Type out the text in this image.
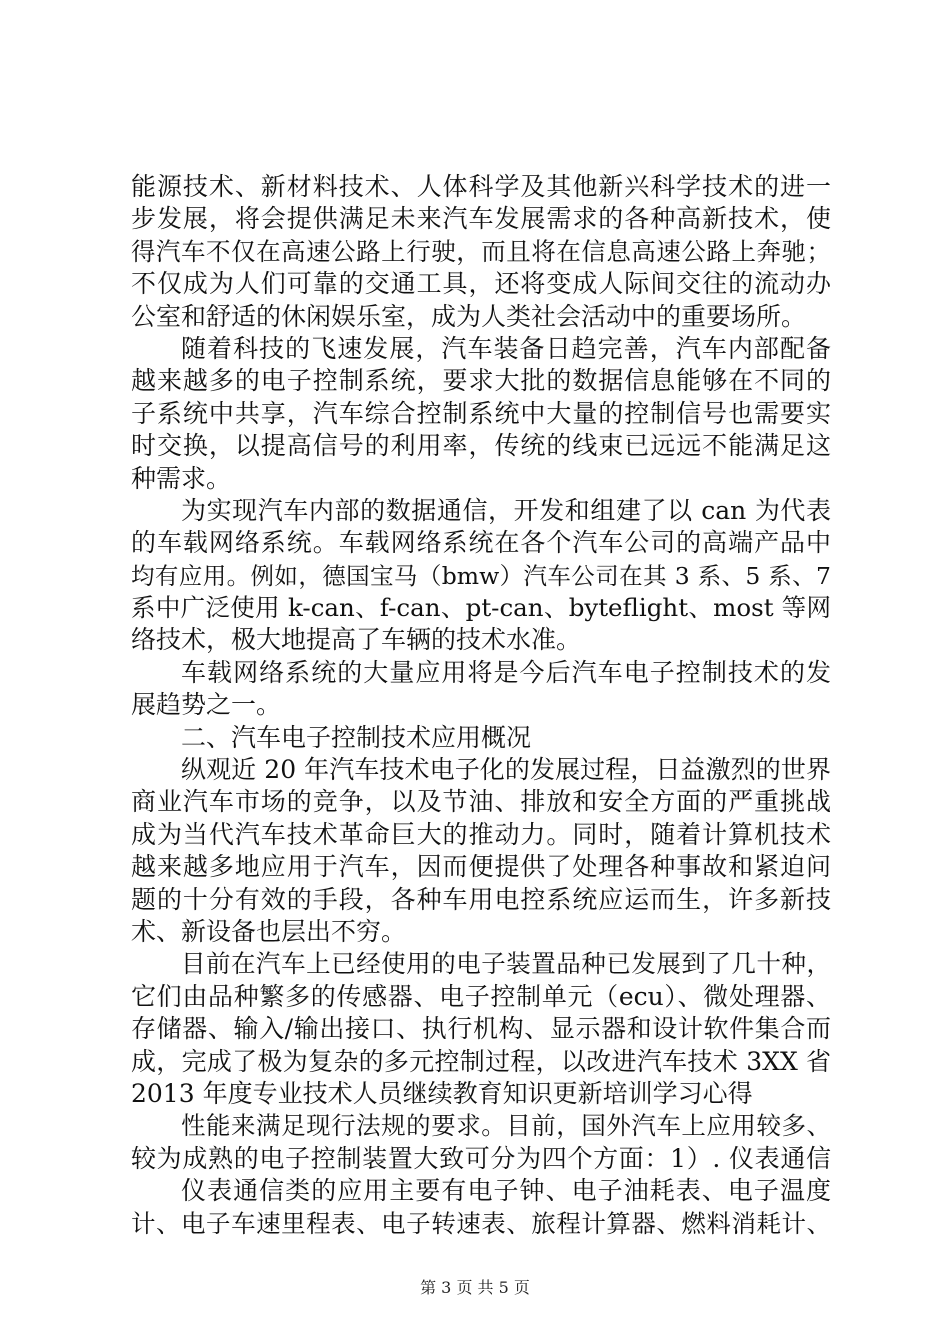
能源技术、新材料技术、人体科学及其他新兴科学技术的进一
步发展，将会提供满足未来汽车发展需求的各种高新技术，使
得汽车不仅在高速公路上行驶，而且将在信息高速公路上奔驰；
不仅成为人们可靠的交通工具，还将变成人际间交往的流动办
公室和舒适的休闲娱乐室，成为人类社会活动中的重要场所。
随着科技的飞速发展，汽车装备日趋完善，汽车内部配备
越来越多的电子控制系统，要求大批的数据信息能够在不同的
子系统中共享，汽车综合控制系统中大量的控制信号也需要实
时交换，以提高信号的利用率，传统的线束已远远不能满足这
种需求。
为实现汽车内部的数据通信，开发和组建了以 can 为代表
的车载网络系统。车载网络系统在各个汽车公司的高端产品中
均有应用。例如，德国宝马（bmw）汽车公司在其 3 系、5 系、7
系中广泛使用 k-can、f-can、pt-can、byteflight、most 等网
络技术，极大地提高了车辆的技术水准。
车载网络系统的大量应用将是今后汽车电子控制技术的发
展趋势之一。
二、汽车电子控制技术应用概况
纵观近 20 年汽车技术电子化的发展过程，日益激烈的世界
商业汽车市场的竞争，以及节油、排放和安全方面的严重挑战
成为当代汽车技术革命巨大的推动力。同时，随着计算机技术
越来越多地应用于汽车，因而便提供了处理各种事故和紧迫问
题的十分有效的手段，各种车用电控系统应运而生，许多新技
术、新设备也层出不穷。
目前在汽车上已经使用的电子装置品种已发展到了几十种，
它们由品种繁多的传感器、电子控制单元（ecu）、微处理器、
存储器、输入/输出接口、执行机构、显示器和设计软件集合而
成，完成了极为复杂的多元控制过程，以改进汽车技术 3XX 省
2013 年度专业技术人员继续教育知识更新培训学习心得
性能来满足现行法规的要求。目前，国外汽车上应用较多、
较为成熟的电子控制装置大致可分为四个方面：1）. 仪表通信
仪表通信类的应用主要有电子钟、电子油耗表、电子温度
计、电子车速里程表、电子转速表、旅程计算器、燃料消耗计、
第 3 页 共 5 页
